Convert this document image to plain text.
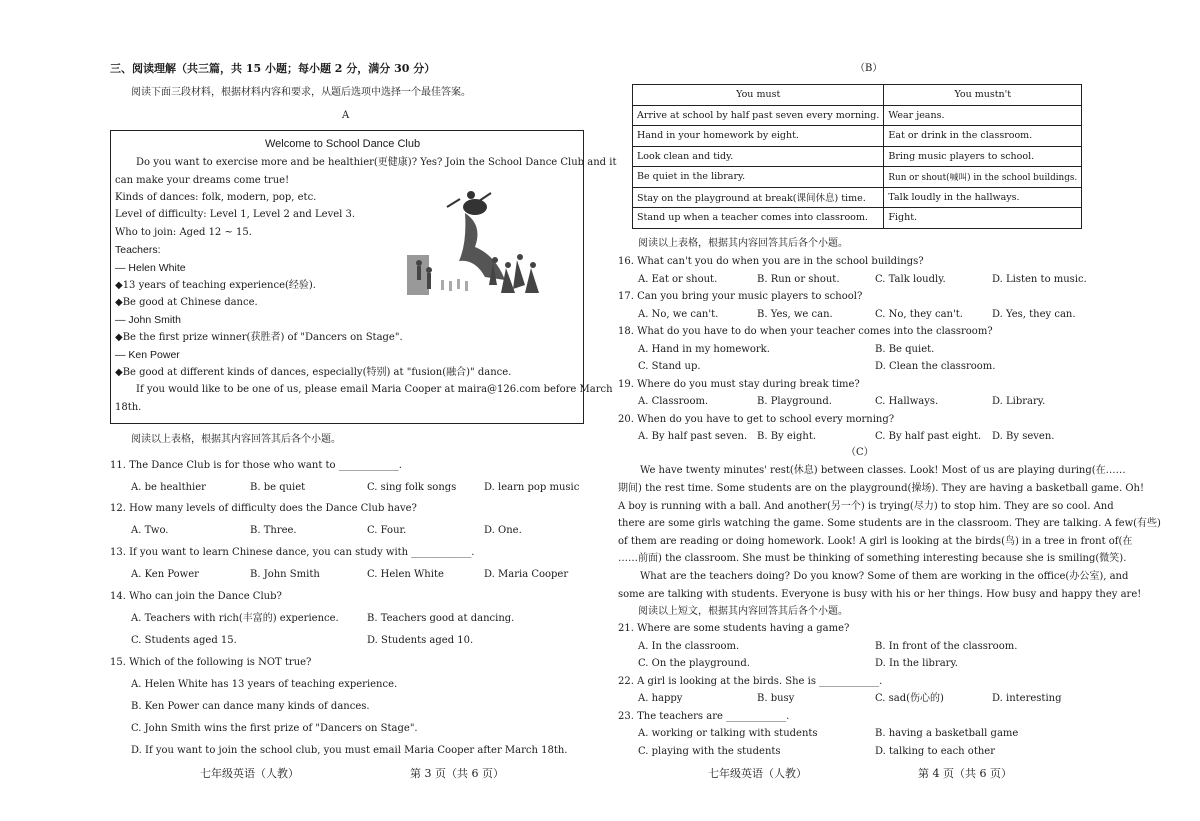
三、阅读理解（共三篇，共 15 小题；每小题 2 分，满分 30 分）
阅读下面三段材料，根据材料内容和要求，从题后选项中选择一个最佳答案。
A
Welcome to School Dance Club
Do you want to exercise more and be healthier(更健康)? Yes? Join the School Dance Club and it
can make your dreams come true!
Kinds of dances: folk, modern, pop, etc.
Level of difficulty: Level 1, Level 2 and Level 3.
Who to join: Aged 12 ~ 15.
Teachers:
— Helen White
◆13 years of teaching experience(经验).
◆Be good at Chinese dance.
— John Smith
◆Be the first prize winner(获胜者) of "Dancers on Stage".
— Ken Power
◆Be good at different kinds of dances, especially(特别) at "fusion(融合)" dance.
If you would like to be one of us, please email Maria Cooper at maira@126.com before March
18th.
阅读以上表格，根据其内容回答其后各个小题。
11. The Dance Club is for those who want to ____________.
A. be healthier	B. be quiet	C. sing folk songs	D. learn pop music
12. How many levels of difficulty does the Dance Club have?
A. Two.	B. Three.	C. Four.	D. One.
13. If you want to learn Chinese dance, you can study with ____________.
A. Ken Power	B. John Smith	C. Helen White	D. Maria Cooper
14. Who can join the Dance Club?
A. Teachers with rich(丰富的) experience.	B. Teachers good at dancing.
C. Students aged 15.	D. Students aged 10.
15. Which of the following is NOT true?
A. Helen White has 13 years of teaching experience.
B. Ken Power can dance many kinds of dances.
C. John Smith wins the first prize of "Dancers on Stage".
D. If you want to join the school club, you must email Maria Cooper after March 18th.
七年级英语（人教）	第 3 页（共 6 页）
（B）
You must	You mustn't
Arrive at school by half past seven every morning.	Wear jeans.
Hand in your homework by eight.	Eat or drink in the classroom.
Look clean and tidy.	Bring music players to school.
Be quiet in the library.	Run or shout(喊叫) in the school buildings.
Stay on the playground at break(课间休息) time.	Talk loudly in the hallways.
Stand up when a teacher comes into classroom.	Fight.
阅读以上表格，根据其内容回答其后各个小题。
16. What can't you do when you are in the school buildings?
A. Eat or shout.	B. Run or shout.	C. Talk loudly.	D. Listen to music.
17. Can you bring your music players to school?
A. No, we can't.	B. Yes, we can.	C. No, they can't.	D. Yes, they can.
18. What do you have to do when your teacher comes into the classroom?
A. Hand in my homework.	B. Be quiet.
C. Stand up.	D. Clean the classroom.
19. Where do you must stay during break time?
A. Classroom.	B. Playground.	C. Hallways.	D. Library.
20. When do you have to get to school every morning?
A. By half past seven. B. By eight.	C. By half past eight. D. By seven.
（C）
We have twenty minutes' rest(休息) between classes. Look! Most of us are playing during(在……
期间) the rest time. Some students are on the playground(操场). They are having a basketball game. Oh!
A boy is running with a ball. And another(另一个) is trying(尽力) to stop him. They are so cool. And
there are some girls watching the game. Some students are in the classroom. They are talking. A few(有些)
of them are reading or doing homework. Look! A girl is looking at the birds(鸟) in a tree in front of(在
……前面) the classroom. She must be thinking of something interesting because she is smiling(微笑).
What are the teachers doing? Do you know? Some of them are working in the office(办公室), and
some are talking with students. Everyone is busy with his or her things. How busy and happy they are!
阅读以上短文，根据其内容回答其后各个小题。
21. Where are some students having a game?
A. In the classroom.	B. In front of the classroom.
C. On the playground.	D. In the library.
22. A girl is looking at the birds. She is ____________.
A. happy	B. busy	C. sad(伤心的)	D. interesting
23. The teachers are ____________.
A. working or talking with students	B. having a basketball game
C. playing with the students	D. talking to each other
七年级英语（人教）	第 4 页（共 6 页）
